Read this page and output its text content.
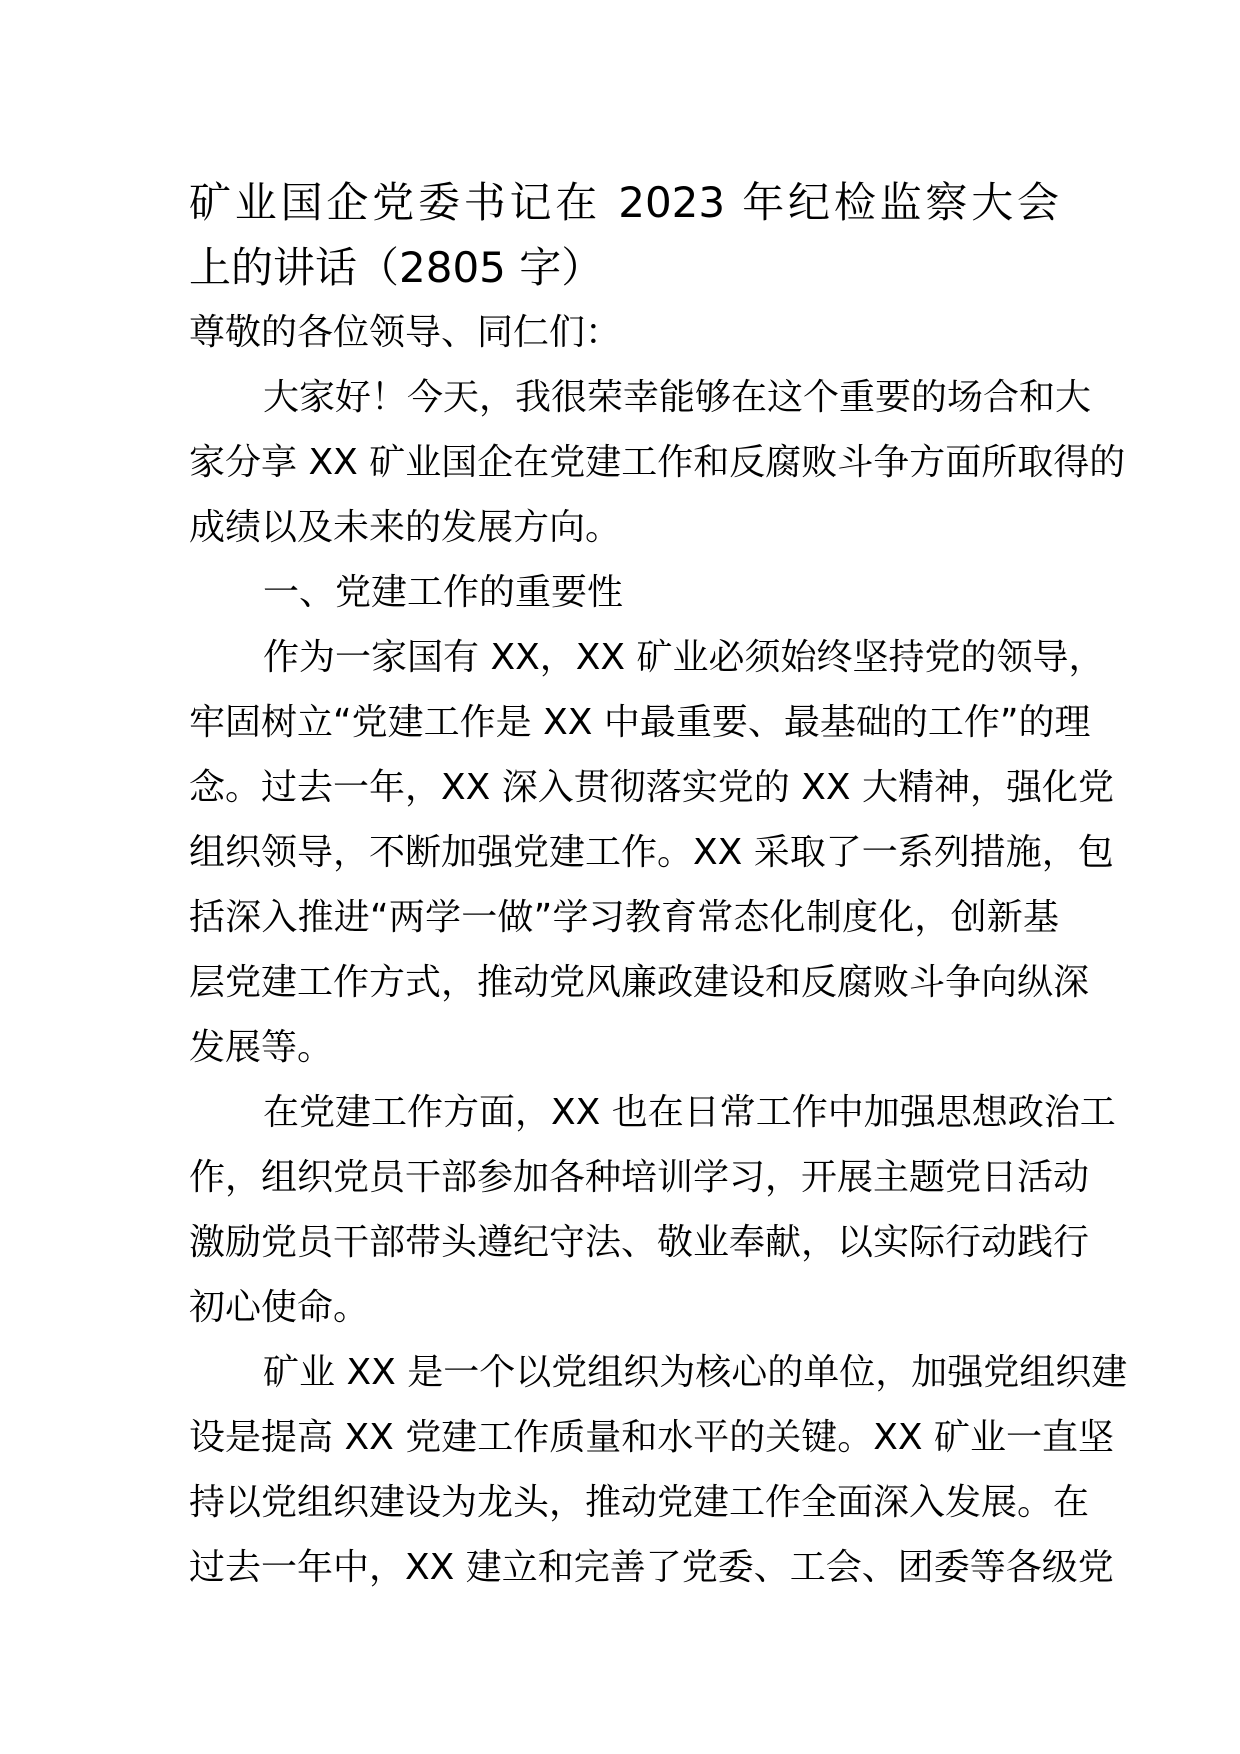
矿业国企党委书记在 2023 年纪检监察大会
上的讲话（2805 字）
尊敬的各位领导、同仁们：
大家好！今天，我很荣幸能够在这个重要的场合和大
家分享 XX 矿业国企在党建工作和反腐败斗争方面所取得的
成绩以及未来的发展方向。
一、党建工作的重要性
作为一家国有 XX，XX 矿业必须始终坚持党的领导，
牢固树立“党建工作是 XX 中最重要、最基础的工作”的理
念。过去一年，XX 深入贯彻落实党的 XX 大精神，强化党
组织领导，不断加强党建工作。XX 采取了一系列措施，包
括深入推进“两学一做”学习教育常态化制度化，创新基
层党建工作方式，推动党风廉政建设和反腐败斗争向纵深
发展等。
在党建工作方面，XX 也在日常工作中加强思想政治工
作，组织党员干部参加各种培训学习，开展主题党日活动
激励党员干部带头遵纪守法、敬业奉献，以实际行动践行
初心使命。
矿业 XX 是一个以党组织为核心的单位，加强党组织建
设是提高 XX 党建工作质量和水平的关键。XX 矿业一直坚
持以党组织建设为龙头，推动党建工作全面深入发展。在
过去一年中，XX 建立和完善了党委、工会、团委等各级党
